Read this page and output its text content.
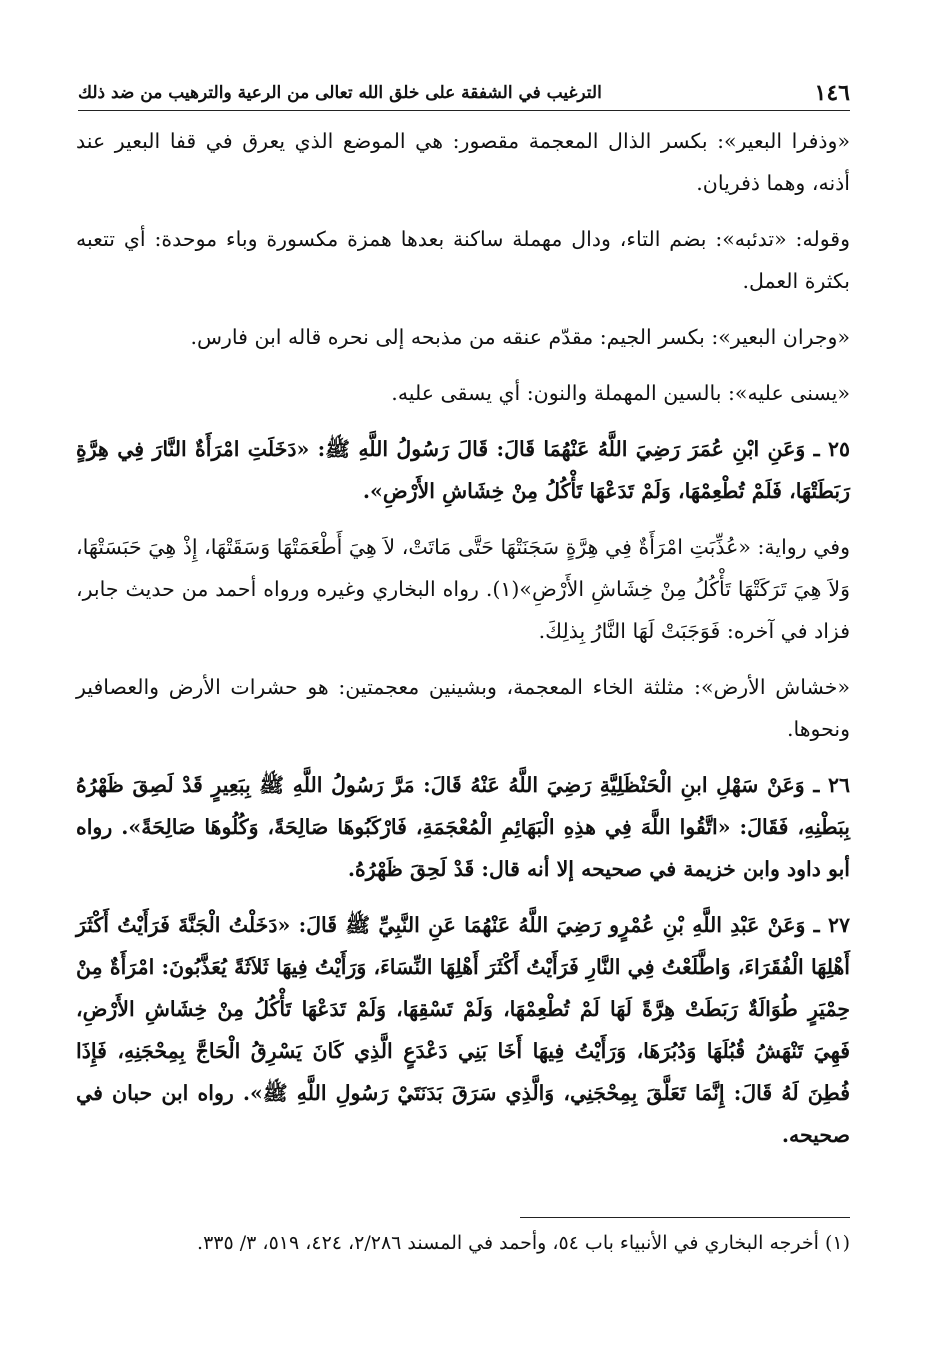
١٤٦
الترغيب في الشفقة على خلق الله تعالى من الرعية والترهيب من ضد ذلك

«وذفرا البعير»: بكسر الذال المعجمة مقصور: هي الموضع الذي يعرق في قفا البعير عند أذنه، وهما ذفريان.

وقوله: «تدئبه»: بضم التاء، ودال مهملة ساكنة بعدها همزة مكسورة وباء موحدة: أي تتعبه بكثرة العمل.

«وجران البعير»: بكسر الجيم: مقدّم عنقه من مذبحه إلى نحره قاله ابن فارس.

«يسنى عليه»: بالسين المهملة والنون: أي يسقى عليه.

٢٥ ـ وَعَنِ ابْنِ عُمَرَ رَضِيَ اللَّهُ عَنْهُمَا قَالَ: قَالَ رَسُولُ اللَّهِ ﷺ: «دَخَلَتِ امْرَأَةٌ النَّارَ فِي هِرَّةٍ رَبَطَتْهَا، فَلَمْ تُطْعِمْهَا، وَلَمْ تَدَعْهَا تَأْكُلُ مِنْ خِشَاشِ الأَرْضِ».

وفي رواية: «عُذِّبَتِ امْرَأَةٌ فِي هِرَّةٍ سَجَنَتْهَا حَتَّى مَاتَتْ، لاَ هِيَ أَطْعَمَتْهَا وَسَقَتْهَا، إِذْ هِيَ حَبَسَتْهَا، وَلاَ هِيَ تَرَكَتْهَا تَأْكُلُ مِنْ خِشَاشِ الأَرْضِ»(١). رواه البخاري وغيره ورواه أحمد من حديث جابر، فزاد في آخره: فَوَجَبَتْ لَهَا النَّارُ بِذلِكَ.

«خشاش الأرض»: مثلثة الخاء المعجمة، وبشينين معجمتين: هو حشرات الأرض والعصافير ونحوها.

٢٦ ـ وَعَنْ سَهْلِ ابنِ الْحَنْظَلِيَّةِ رَضِيَ اللَّهُ عَنْهُ قَالَ: مَرَّ رَسُولُ اللَّهِ ﷺ بِبَعِيرٍ قَدْ لَصِقَ ظَهْرُهُ بِبَطْنِهِ، فَقَالَ: «اتَّقُوا اللَّهَ فِي هذِهِ الْبَهَائِمِ الْمُعْجَمَةِ، فَارْكَبُوهَا صَالِحَةً، وَكُلُوهَا صَالِحَةً». رواه أبو داود وابن خزيمة في صحيحه إلا أنه قال: قَدْ لَحِقَ ظَهْرُهُ.

٢٧ ـ وَعَنْ عَبْدِ اللَّهِ بْنِ عُمْرٍو رَضِيَ اللَّهُ عَنْهُمَا عَنِ النَّبِيِّ ﷺ قَالَ: «دَخَلْتُ الْجَنَّةَ فَرَأَيْتُ أَكْثَرَ أَهْلِهَا الْفُقَرَاءَ، وَاطَّلَعْتُ فِي النَّارِ فَرَأَيْتُ أَكْثَرَ أَهْلِهَا النِّسَاءَ، وَرَأَيْتُ فِيهَا ثَلاَثَةً يُعَذَّبُونَ: امْرَأَةٌ مِنْ حِمْيَرٍ طُوَالَةٌ رَبَطَتْ هِرَّةً لَهَا لَمْ تُطْعِمْهَا، وَلَمْ تَسْقِهَا، وَلَمْ تَدَعْهَا تَأْكُلُ مِنْ خِشَاشِ الأَرْضِ، فَهِيَ تَنْهَشُ قُبُلَهَا وَدُبُرَهَا، وَرَأَيْتُ فِيهَا أَخَا بَنِي دَعْدَعٍ الَّذِي كَانَ يَسْرِقُ الْحَاجَّ بِمِحْجَنِهِ، فَإِذَا فُطِنَ لَهُ قَالَ: إِنَّمَا تَعَلَّقَ بِمِحْجَنِي، وَالَّذِي سَرَقَ بَدَنَتَيْ رَسُولِ اللَّهِ ﷺ». رواه ابن حبان في صحيحه.

(١) أخرجه البخاري في الأنبياء باب ٥٤، وأحمد في المسند ٢/٢٨٦، ٤٢٤، ٥١٩، ٣/ ٣٣٥.
